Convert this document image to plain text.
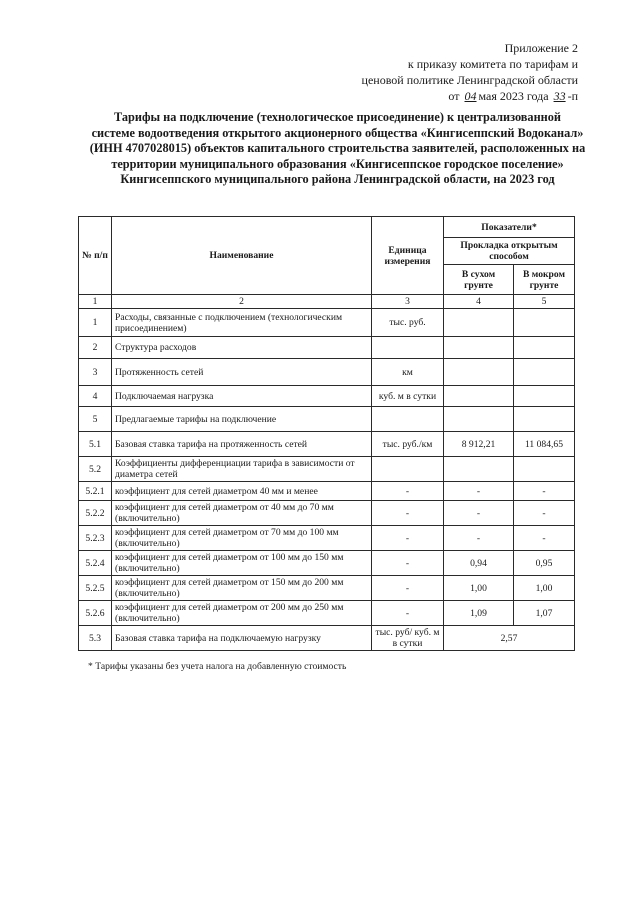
Приложение 2
к приказу комитета по тарифам и
ценовой политике Ленинградской области
от 04 мая 2023 года 33 -п
Тарифы на подключение (технологическое присоединение) к централизованной
системе водоотведения открытого акционерного общества «Кингисеппский Водоканал»
(ИНН 4707028015) объектов капитального строительства заявителей, расположенных на
территории муниципального образования «Кингисеппское городское поселение»
Кингисеппского муниципального района Ленинградской области, на 2023 год
№ п/п	Наименование	Единица измерения	Показатели*	
			Прокладка открытым способом	
			В сухом грунте	В мокром грунте
1	2	3	4	5
1	Расходы, связанные с подключением (технологическим присоединением)	тыс. руб.		
2	Структура расходов			
3	Протяженность сетей	км		
4	Подключаемая нагрузка	куб. м в сутки		
5	Предлагаемые тарифы на подключение			
5.1	Базовая ставка тарифа на протяженность сетей	тыс. руб./км	8 912,21	11 084,65
5.2	Коэффициенты дифференциации тарифа в зависимости от диаметра сетей			
5.2.1	коэффициент для сетей диаметром 40 мм и менее	-	-	-
5.2.2	коэффициент для сетей диаметром от 40 мм до 70 мм (включительно)	-	-	-
5.2.3	коэффициент для сетей диаметром от 70 мм до 100 мм (включительно)	-	-	-
5.2.4	коэффициент для сетей диаметром от 100 мм до 150 мм (включительно)	-	0,94	0,95
5.2.5	коэффициент для сетей диаметром от 150 мм до 200 мм (включительно)	-	1,00	1,00
5.2.6	коэффициент для сетей диаметром от 200 мм до 250 мм (включительно)	-	1,09	1,07
5.3	Базовая ставка тарифа на подключаемую нагрузку	тыс. руб/ куб. м в сутки	2,57	
* Тарифы указаны без учета налога на добавленную стоимость
